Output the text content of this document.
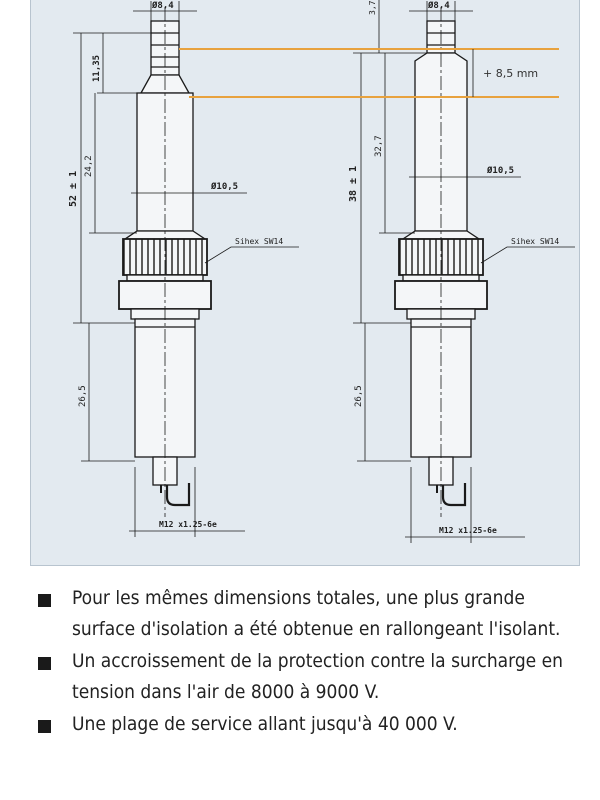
Ø8,4
52 ± 1
11,35
24,2
26,5
Ø10,5
Sihex SW14
M12 x1.25-6e
Ø8,4
38 ± 1
3,7
32,7
26,5
Ø10,5
Sihex SW14
M12 x1.25-6e
+ 8,5 mm
Pour les mêmes dimensions totales, une plus grande surface d'isolation a été obtenue en rallongeant l'isolant.
Un accroissement de la protection contre la surcharge en tension dans l'air de 8000 à 9000 V.
Une plage de service allant jusqu'à 40 000 V.
